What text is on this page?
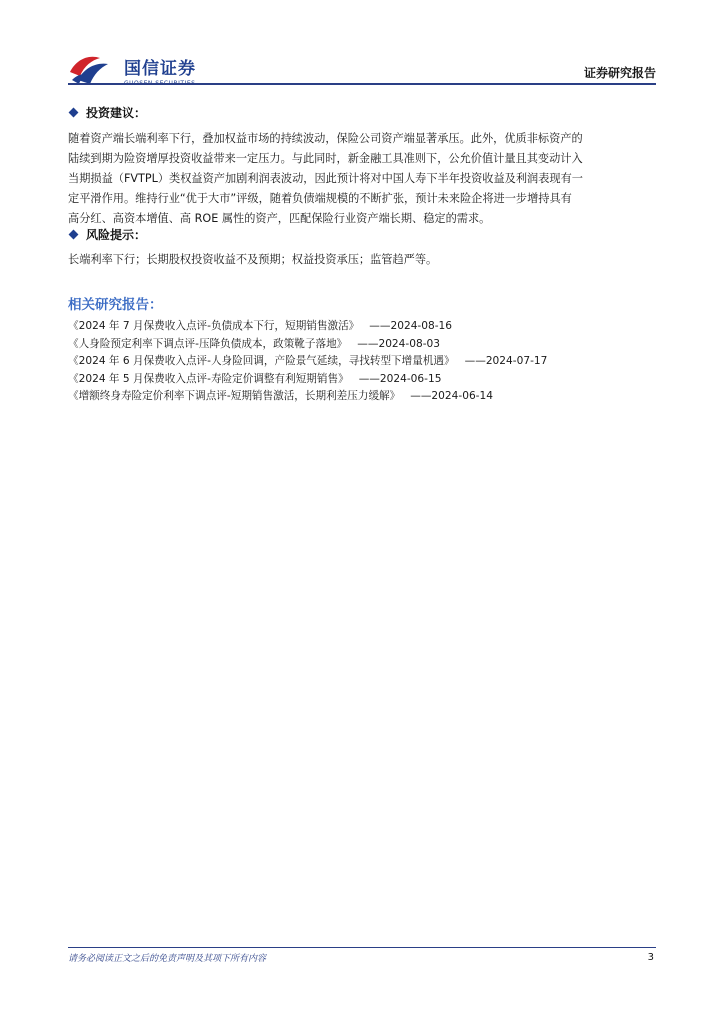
国信证券	证券研究报告
投资建议：
随着资产端长端利率下行，叠加权益市场的持续波动，保险公司资产端显著承压。此外，优质非标资产的
陆续到期为险资增厚投资收益带来一定压力。与此同时，新金融工具准则下，公允价值计量且其变动计入
当期损益（FVTPL）类权益资产加剧利润表波动，因此预计将对中国人寿下半年投资收益及利润表现有一
定平滑作用。维持行业“优于大市”评级，随着负债端规模的不断扩张，预计未来险企将进一步增持具有
高分红、高资本增值、高 ROE 属性的资产，匹配保险行业资产端长期、稳定的需求。
风险提示：
长端利率下行；长期股权投资收益不及预期；权益投资承压；监管趋严等。
相关研究报告：
《2024 年 7 月保费收入点评-负债成本下行，短期销售激活》 ——2024-08-16
《人身险预定利率下调点评-压降负债成本，政策靴子落地》 ——2024-08-03
《2024 年 6 月保费收入点评-人身险回调，产险景气延续，寻找转型下增量机遇》 ——2024-07-17
《2024 年 5 月保费收入点评-寿险定价调整有利短期销售》 ——2024-06-15
《增额终身寿险定价利率下调点评-短期销售激活，长期利差压力缓解》 ——2024-06-14
请务必阅读正文之后的免责声明及其项下所有内容	3
